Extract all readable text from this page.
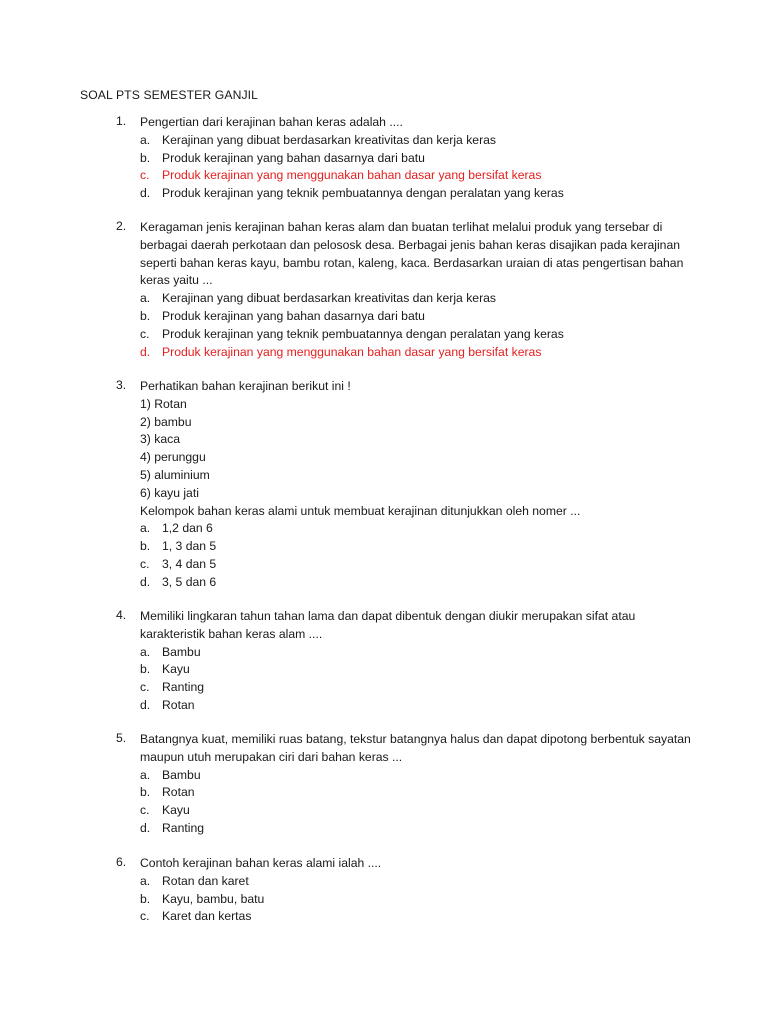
SOAL PTS SEMESTER GANJIL
1.	Pengertian dari kerajinan bahan keras adalah ....
a. Kerajinan yang dibuat berdasarkan kreativitas dan kerja keras
b. Produk kerajinan yang bahan dasarnya dari batu
c.	Produk kerajinan yang menggunakan bahan dasar yang bersifat keras
d. Produk kerajinan yang teknik pembuatannya dengan peralatan yang keras
2.	Keragaman jenis kerajinan bahan keras alam dan buatan terlihat melalui produk yang tersebar di berbagai daerah perkotaan dan pelososk desa. Berbagai jenis bahan keras disajikan pada kerajinan seperti bahan keras kayu, bambu rotan, kaleng, kaca. Berdasarkan uraian di atas pengertisan bahan keras yaitu ...
a. Kerajinan yang dibuat berdasarkan kreativitas dan kerja keras
b. Produk kerajinan yang bahan dasarnya dari batu
c.	Produk kerajinan yang teknik pembuatannya dengan peralatan yang keras
d. Produk kerajinan yang menggunakan bahan dasar yang bersifat keras
3.	Perhatikan bahan kerajinan berikut ini !
1) Rotan
2) bambu
3) kaca
4) perunggu
5) aluminium
6) kayu jati
Kelompok bahan keras alami untuk membuat kerajinan ditunjukkan oleh nomer ...
a. 1,2 dan 6
b. 1, 3 dan 5
c.	3, 4 dan 5
d. 3, 5 dan 6
4.	Memiliki lingkaran tahun tahan lama dan dapat dibentuk dengan diukir merupakan sifat atau karakteristik bahan keras alam ....
a. Bambu
b. Kayu
c.	Ranting
d. Rotan
5.	Batangnya kuat, memiliki ruas batang, tekstur batangnya halus dan dapat dipotong berbentuk sayatan maupun utuh merupakan ciri dari bahan keras ...
a. Bambu
b. Rotan
c.	Kayu
d. Ranting
6.	Contoh kerajinan bahan keras alami ialah ....
a. Rotan dan karet
b. Kayu, bambu, batu
c.	Karet dan kertas
